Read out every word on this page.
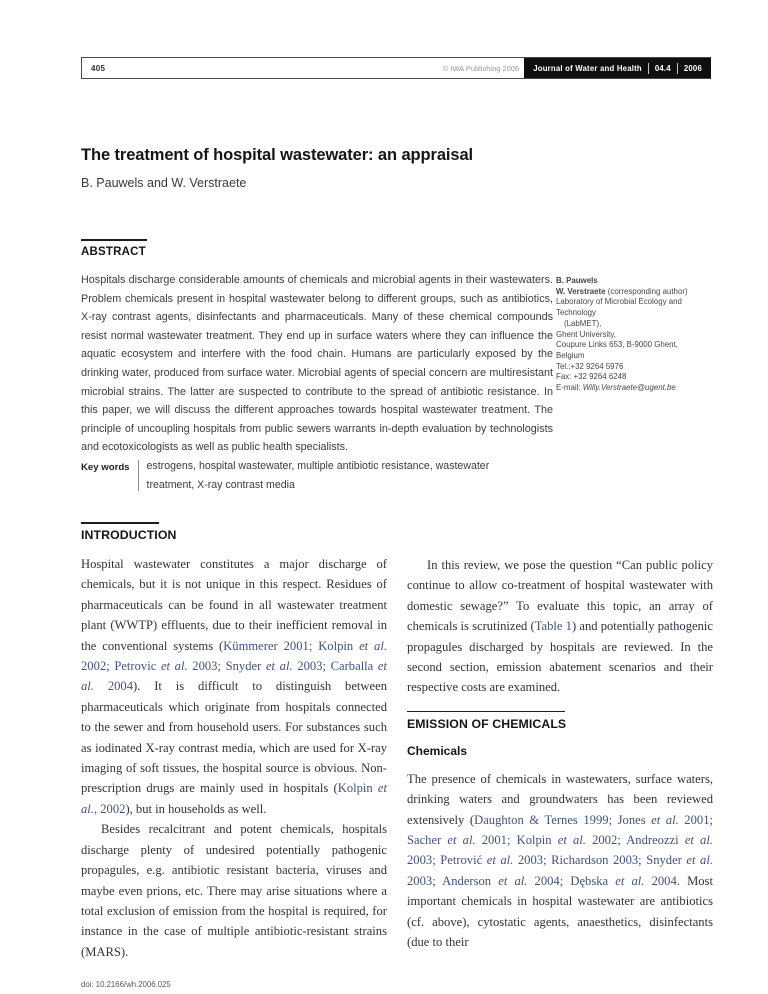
405	© IWA Publishing 2006 Journal of Water and Health 04.4 2006
The treatment of hospital wastewater: an appraisal
B. Pauwels and W. Verstraete
ABSTRACT

Hospitals discharge considerable amounts of chemicals and microbial agents in their wastewaters. Problem chemicals present in hospital wastewater belong to different groups, such as antibiotics, X-ray contrast agents, disinfectants and pharmaceuticals. Many of these chemical compounds resist normal wastewater treatment. They end up in surface waters where they can influence the aquatic ecosystem and interfere with the food chain. Humans are particularly exposed by the drinking water, produced from surface water. Microbial agents of special concern are multiresistant microbial strains. The latter are suspected to contribute to the spread of antibiotic resistance. In this paper, we will discuss the different approaches towards hospital wastewater treatment. The principle of uncoupling hospitals from public sewers warrants in-depth evaluation by technologists and ecotoxicologists as well as public health specialists.

Key words estrogens, hospital wastewater, multiple antibiotic resistance, wastewater treatment, X-ray contrast media
B. Pauwels
W. Verstraete (corresponding author)
Laboratory of Microbial Ecology and Technology
(LabMET),
Ghent University,
Coupure Links 653, B-9000 Ghent,
Belgium
Tel.:+32 9264 5976
Fax: +32 9264 6248
E-mail: Willy.Verstraete@ugent.be
INTRODUCTION

Hospital wastewater constitutes a major discharge of chemicals, but it is not unique in this respect. Residues of pharmaceuticals can be found in all wastewater treatment plant (WWTP) effluents, due to their inefficient removal in the conventional systems (Kümmerer 2001; Kolpin et al. 2002; Petrovic et al. 2003; Snyder et al. 2003; Carballa et al. 2004). It is difficult to distinguish between pharmaceuticals which originate from hospitals connected to the sewer and from household users. For substances such as iodinated X-ray contrast media, which are used for X-ray imaging of soft tissues, the hospital source is obvious. Non-prescription drugs are mainly used in hospitals (Kolpin et al., 2002), but in households as well.

Besides recalcitrant and potent chemicals, hospitals discharge plenty of undesired potentially pathogenic propagules, e.g. antibiotic resistant bacteria, viruses and maybe even prions, etc. There may arise situations where a total exclusion of emission from the hospital is required, for instance in the case of multiple antibiotic-resistant strains (MARS).

doi: 10.2166/wh.2006.025

In this review, we pose the question “Can public policy continue to allow co-treatment of hospital wastewater with domestic sewage?” To evaluate this topic, an array of chemicals is scrutinized (Table 1) and potentially pathogenic propagules discharged by hospitals are reviewed. In the second section, emission abatement scenarios and their respective costs are examined.

EMISSION OF CHEMICALS
Chemicals

The presence of chemicals in wastewaters, surface waters, drinking waters and groundwaters has been reviewed extensively (Daughton & Ternes 1999; Jones et al. 2001; Sacher et al. 2001; Kolpin et al. 2002; Andreozzi et al. 2003; Petrović et al. 2003; Richardson 2003; Snyder et al. 2003; Anderson et al. 2004; Dębska et al. 2004. Most important chemicals in hospital wastewater are antibiotics (cf. above), cytostatic agents, anaesthetics, disinfectants (due to their
